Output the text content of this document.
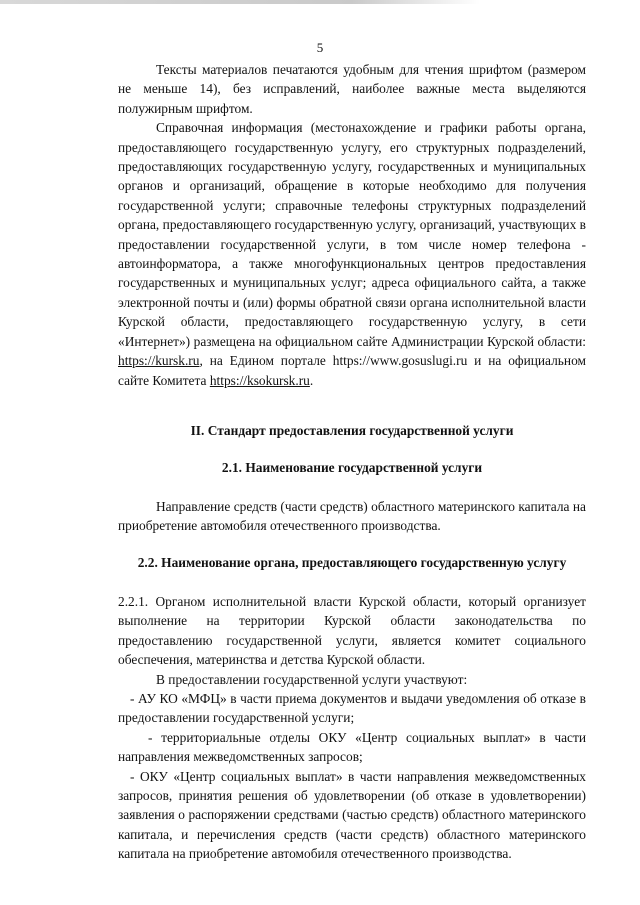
5

Тексты материалов печатаются удобным для чтения шрифтом (размером не меньше 14), без исправлений, наиболее важные места выделяются полужирным шрифтом.

Справочная информация (местонахождение и графики работы органа, предоставляющего государственную услугу, его структурных подразделений, предоставляющих государственную услугу, государственных и муниципальных органов и организаций, обращение в которые необходимо для получения государственной услуги; справочные телефоны структурных подразделений органа, предоставляющего государственную услугу, организаций, участвующих в предоставлении государственной услуги, в том числе номер телефона - автоинформатора, а также многофункциональных центров предоставления государственных и муниципальных услуг; адреса официального сайта, а также электронной почты и (или) формы обратной связи органа исполнительной власти Курской области, предоставляющего государственную услугу, в сети «Интернет») размещена на официальном сайте Администрации Курской области: https://kursk.ru, на Едином портале https://www.gosuslugi.ru и на официальном сайте Комитета https://ksokursk.ru.

II. Стандарт предоставления государственной услуги

2.1. Наименование государственной услуги

Направление средств (части средств) областного материнского капитала на приобретение автомобиля отечественного производства.

2.2. Наименование органа, предоставляющего государственную услугу

2.2.1. Органом исполнительной власти Курской области, который организует выполнение на территории Курской области законодательства по предоставлению государственной услуги, является комитет социального обеспечения, материнства и детства Курской области.

В предоставлении государственной услуги участвуют:

- АУ КО «МФЦ» в части приема документов и выдачи уведомления об отказе в предоставлении государственной услуги;

- территориальные отделы ОКУ «Центр социальных выплат» в части направления межведомственных запросов;

- ОКУ «Центр социальных выплат» в части направления межведомственных запросов, принятия решения об удовлетворении (об отказе в удовлетворении) заявления о распоряжении средствами (частью средств) областного материнского капитала, и перечисления средств (части средств) областного материнского капитала на приобретение автомобиля отечественного производства.
